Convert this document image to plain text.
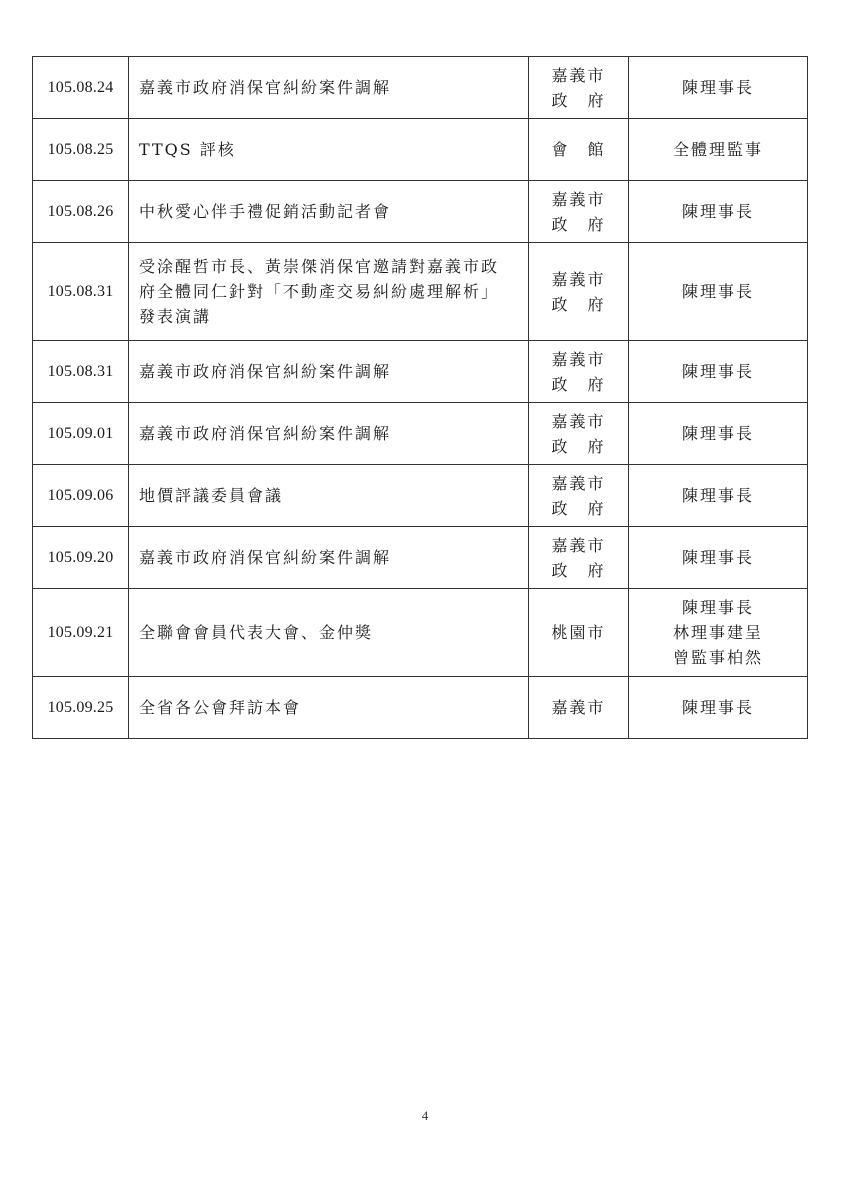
105.08.24	嘉義市政府消保官糾紛案件調解	嘉義市
政　府	陳理事長

105.08.25	TTQS 評核	會　館	全體理監事

105.08.26	中秋愛心伴手禮促銷活動記者會	嘉義市
政　府	陳理事長

105.08.31	受涂醒哲市長、黃崇傑消保官邀請對嘉義市政
府全體同仁針對「不動產交易糾紛處理解析」
發表演講	嘉義市
政　府	陳理事長

105.08.31	嘉義市政府消保官糾紛案件調解	嘉義市
政　府	陳理事長

105.09.01	嘉義市政府消保官糾紛案件調解	嘉義市
政　府	陳理事長

105.09.06	地價評議委員會議	嘉義市
政　府	陳理事長

105.09.20	嘉義市政府消保官糾紛案件調解	嘉義市
政　府	陳理事長

105.09.21	全聯會會員代表大會、金仲獎	桃園市	陳理事長
林理事建呈
曾監事柏然

105.09.25	全省各公會拜訪本會	嘉義市	陳理事長
4
